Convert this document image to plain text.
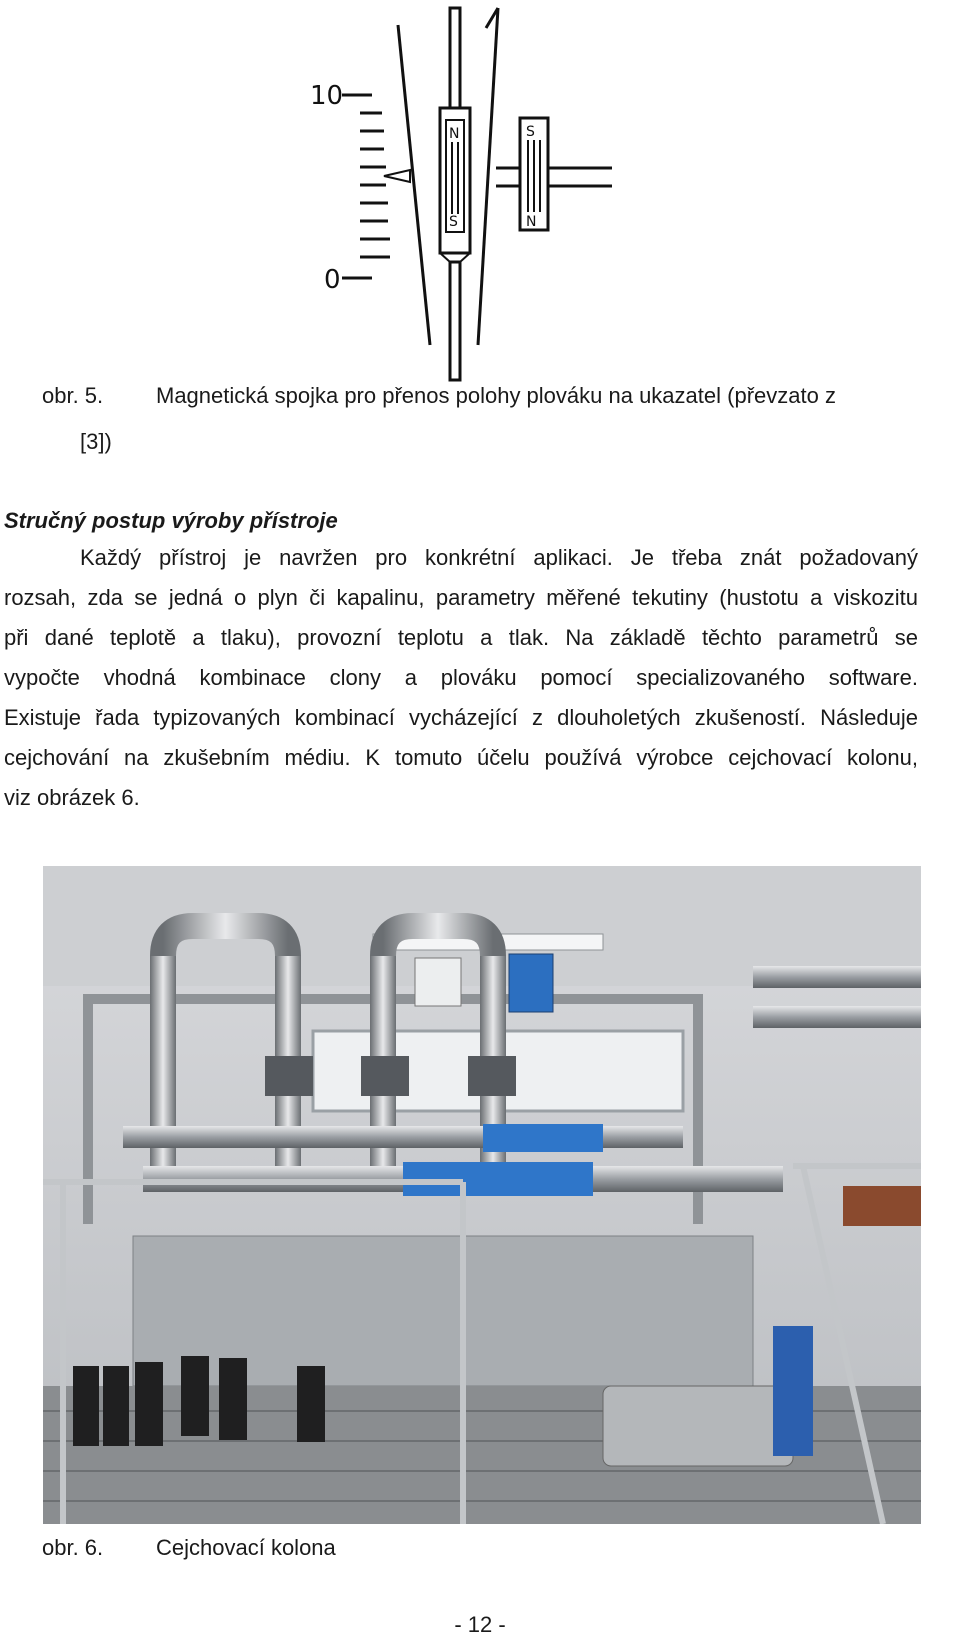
10
0
N
S
S
N
obr. 5. Magnetická spojka pro přenos polohy plováku na ukazatel (převzato z
[3])
Stručný postup výroby přístroje
Každý přístroj je navržen pro konkrétní aplikaci. Je třeba znát požadovaný
rozsah, zda se jedná o plyn či kapalinu, parametry měřené tekutiny (hustotu a viskozitu
při dané teplotě a tlaku), provozní teplotu a tlak. Na základě těchto parametrů se
vypočte vhodná kombinace clony a plováku pomocí specializovaného software.
Existuje řada typizovaných kombinací vycházející z dlouholetých zkušeností. Následuje
cejchování na zkušebním médiu. K tomuto účelu používá výrobce cejchovací kolonu,
viz obrázek 6.
obr. 6. Cejchovací kolona
- 12 -
